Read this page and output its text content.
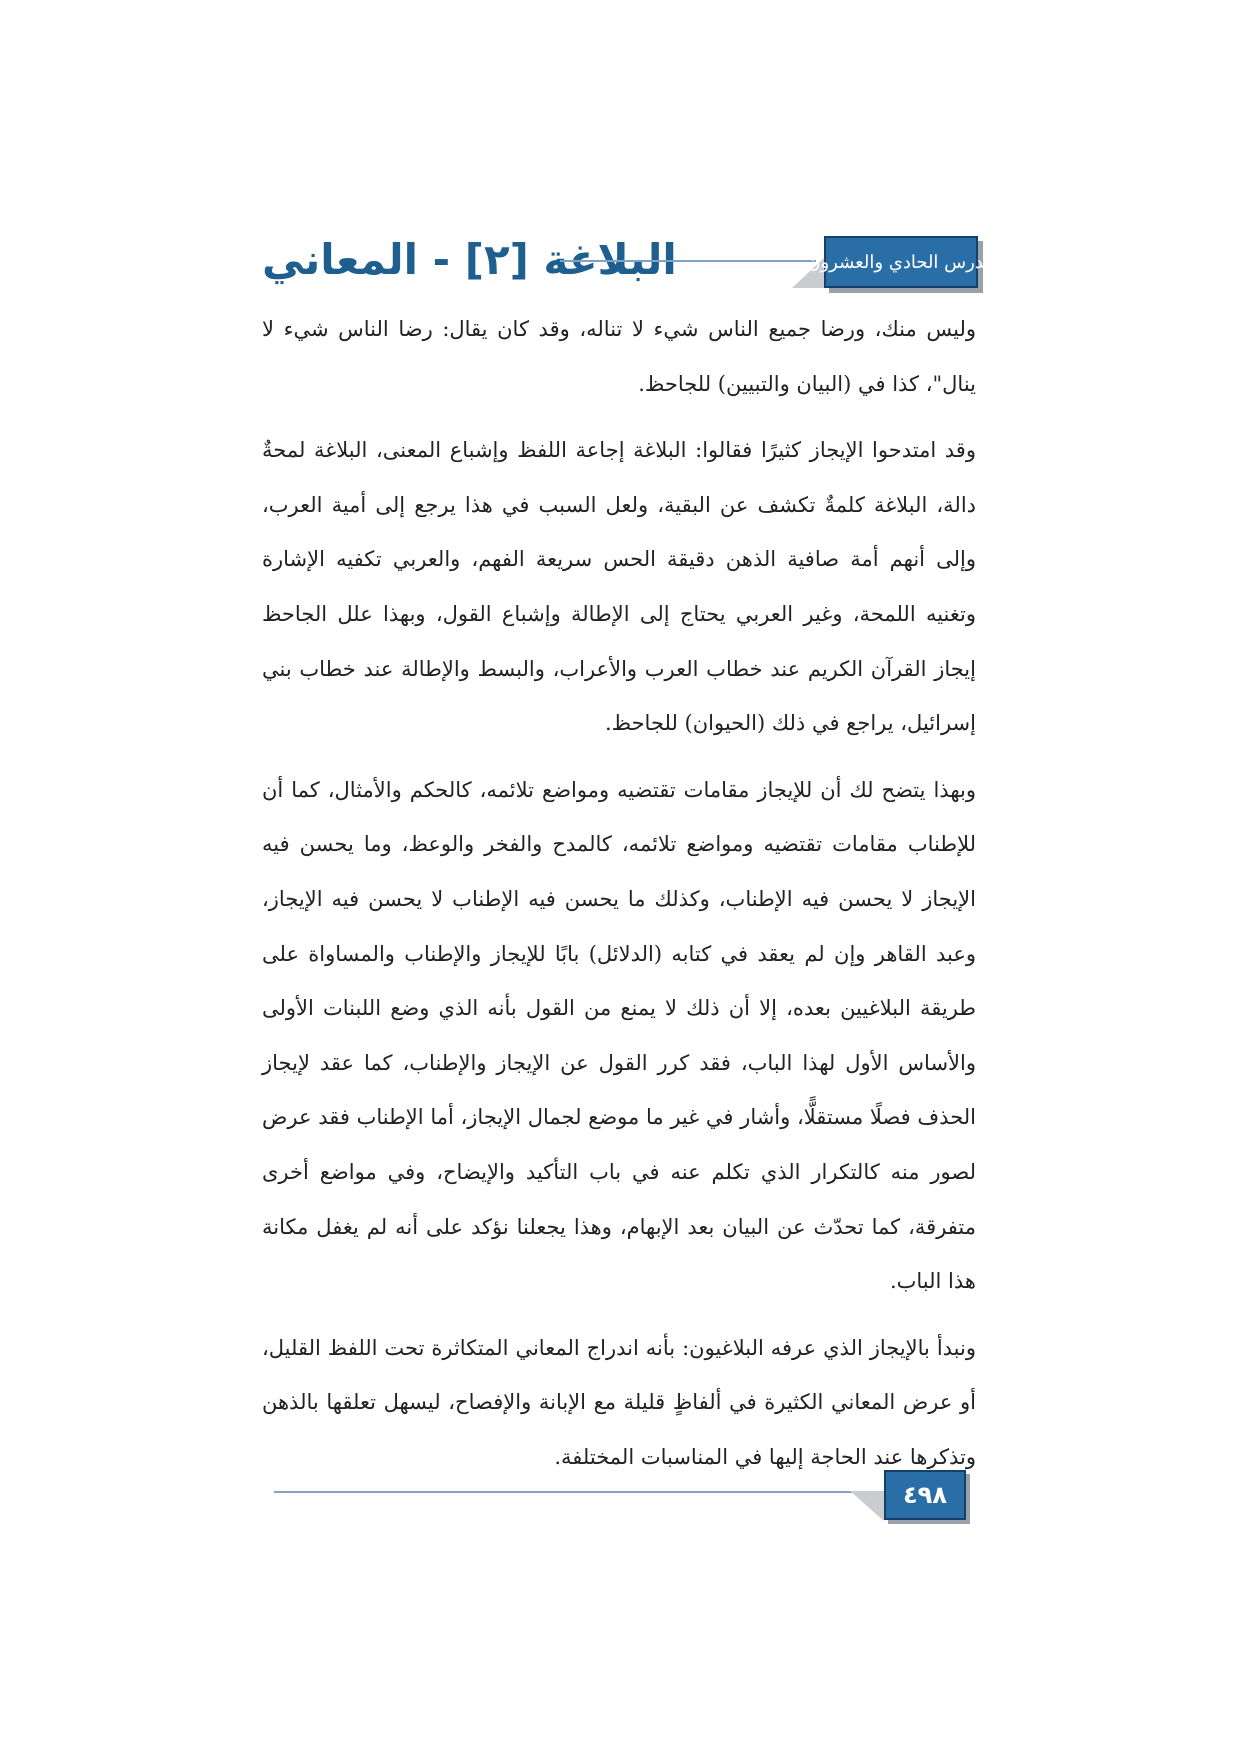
البلاغة [٢] - المعاني	الدرس الحادي والعشرون

وليس منك، ورضا جميع الناس شيء لا تناله، وقد كان يقال: رضا الناس شيء لا ينال"، كذا في (البيان والتبيين) للجاحظ.

وقد امتدحوا الإيجاز كثيرًا فقالوا: البلاغة إجاعة اللفظ وإشباع المعنى، البلاغة لمحةٌ دالة، البلاغة كلمةٌ تكشف عن البقية، ولعل السبب في هذا يرجع إلى أمية العرب، وإلى أنهم أمة صافية الذهن دقيقة الحس سريعة الفهم، والعربي تكفيه الإشارة وتغنيه اللمحة، وغير العربي يحتاج إلى الإطالة وإشباع القول، وبهذا علل الجاحظ إيجاز القرآن الكريم عند خطاب العرب والأعراب، والبسط والإطالة عند خطاب بني إسرائيل، يراجع في ذلك (الحيوان) للجاحظ.

وبهذا يتضح لك أن للإيجاز مقامات تقتضيه ومواضع تلائمه، كالحكم والأمثال، كما أن للإطناب مقامات تقتضيه ومواضع تلائمه، كالمدح والفخر والوعظ، وما يحسن فيه الإيجاز لا يحسن فيه الإطناب، وكذلك ما يحسن فيه الإطناب لا يحسن فيه الإيجاز، وعبد القاهر وإن لم يعقد في كتابه (الدلائل) بابًا للإيجاز والإطناب والمساواة على طريقة البلاغيين بعده، إلا أن ذلك لا يمنع من القول بأنه الذي وضع اللبنات الأولى والأساس الأول لهذا الباب، فقد كرر القول عن الإيجاز والإطناب، كما عقد لإيجاز الحذف فصلًا مستقلًّا، وأشار في غير ما موضع لجمال الإيجاز، أما الإطناب فقد عرض لصور منه كالتكرار الذي تكلم عنه في باب التأكيد والإيضاح، وفي مواضع أخرى متفرقة، كما تحدّث عن البيان بعد الإبهام، وهذا يجعلنا نؤكد على أنه لم يغفل مكانة هذا الباب.

ونبدأ بالإيجاز الذي عرفه البلاغيون: بأنه اندراج المعاني المتكاثرة تحت اللفظ القليل، أو عرض المعاني الكثيرة في ألفاظٍ قليلة مع الإبانة والإفصاح، ليسهل تعلقها بالذهن وتذكرها عند الحاجة إليها في المناسبات المختلفة.

٤٩٨
